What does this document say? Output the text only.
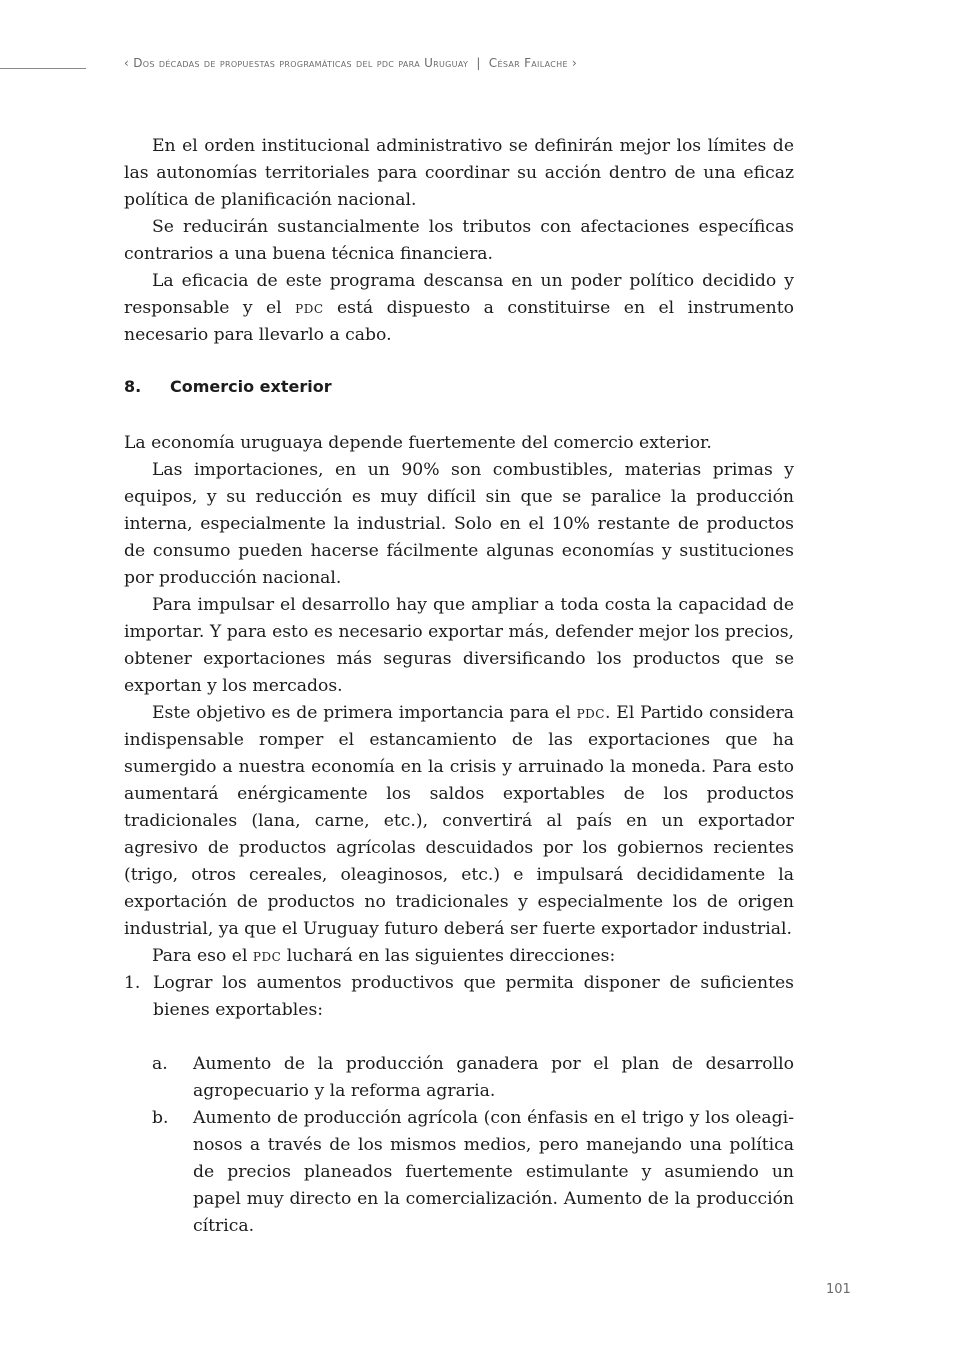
‹ Dos décadas de propuestas programáticas del pdc para Uruguay | César Failache ›

En el orden institucional administrativo se definirán mejor los límites de las autonomías territoriales para coordinar su acción dentro de una eficaz política de planificación nacional.

Se reducirán sustancialmente los tributos con afectaciones específicas contrarios a una buena técnica financiera.

La eficacia de este programa descansa en un poder político decidido y responsable y el pdc está dispuesto a constituirse en el instrumento necesario para llevarlo a cabo.

8. Comercio exterior

La economía uruguaya depende fuertemente del comercio exterior.

Las importaciones, en un 90% son combustibles, materias primas y equipos, y su reducción es muy difícil sin que se paralice la producción interna, especialmente la industrial. Solo en el 10% restante de productos de consumo pueden hacerse fácilmente algunas economías y sustituciones por producción nacional.

Para impulsar el desarrollo hay que ampliar a toda costa la capacidad de importar. Y para esto es necesario exportar más, defender mejor los precios, obtener exportaciones más seguras diversificando los productos que se exportan y los mercados.

Este objetivo es de primera importancia para el pdc. El Partido considera indispensable romper el estancamiento de las exportaciones que ha sumergido a nuestra economía en la crisis y arruinado la moneda. Para esto aumentará enérgicamente los saldos exportables de los productos tradicionales (lana, carne, etc.), convertirá al país en un exportador agresivo de productos agrícolas descuidados por los gobiernos recientes (trigo, otros cereales, oleaginosos, etc.) e impulsará decididamente la exportación de productos no tradicionales y especialmente los de origen industrial, ya que el Uruguay futuro deberá ser fuerte exportador industrial.

Para eso el pdc luchará en las siguientes direcciones:

1. Lograr los aumentos productivos que permita disponer de suficientes bienes exportables:
a.	Aumento de la producción ganadera por el plan de desarrollo agropecuario y la reforma agraria.
b.	Aumento de producción agrícola (con énfasis en el trigo y los oleaginosos a través de los mismos medios, pero manejando una política de precios planeados fuertemente estimulante y asumiendo un papel muy directo en la comercialización. Aumento de la producción cítrica.
101
